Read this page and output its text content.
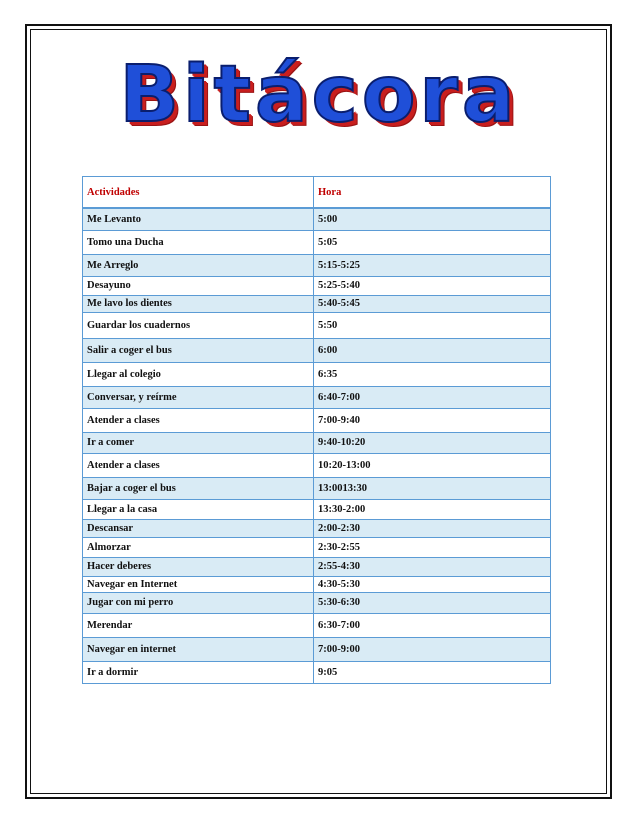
Bitácora
Actividades	Hora
Me Levanto	5:00
Tomo una Ducha	5:05
Me Arreglo	5:15-5:25
Desayuno	5:25-5:40
Me lavo los dientes	5:40-5:45
Guardar los cuadernos	5:50
Salir a coger el bus	6:00
Llegar al colegio	6:35
Conversar, y reírme	6:40-7:00
Atender a clases	7:00-9:40
Ir a comer	9:40-10:20
Atender a clases	10:20-13:00
Bajar a coger el bus	13:0013:30
Llegar a la casa	13:30-2:00
Descansar	2:00-2:30
Almorzar	2:30-2:55
Hacer deberes	2:55-4:30
Navegar en Internet	4:30-5:30
Jugar con mi perro	5:30-6:30
Merendar	6:30-7:00
Navegar en internet	7:00-9:00
Ir a dormir	9:05
